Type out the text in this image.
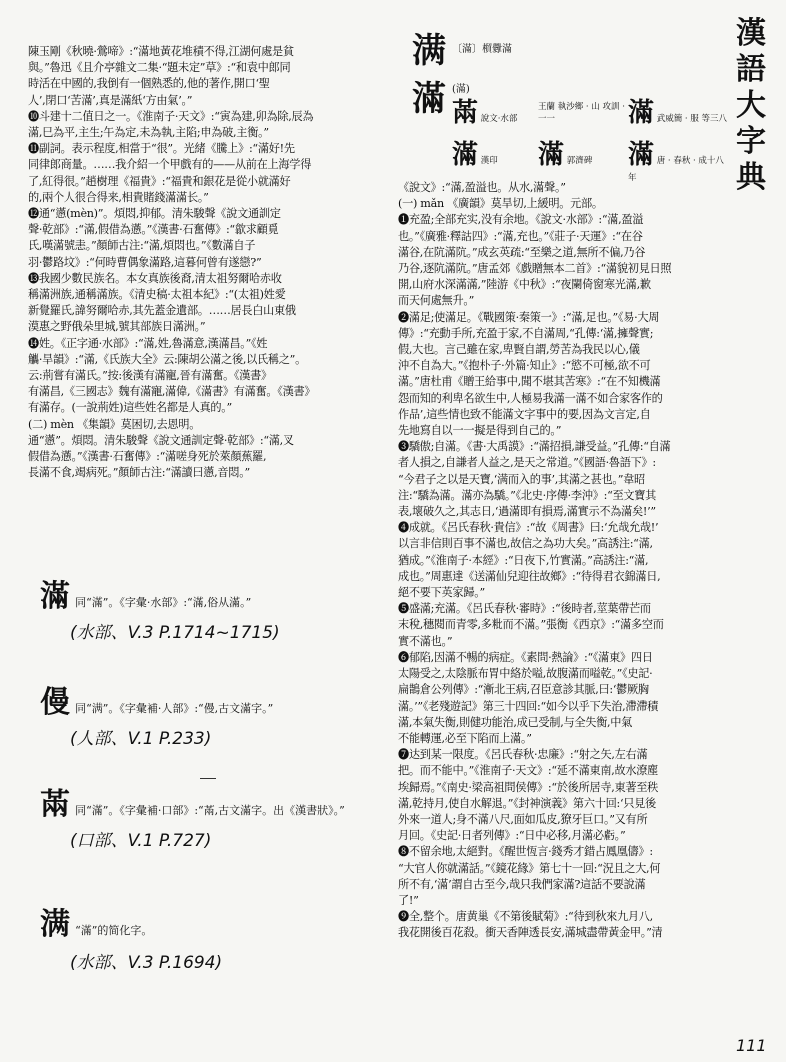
漢
語
大
字
典
满 〔滿〕橮釁滿
滿 (滿)
㒼 說文·水部
王蘭 執沙鄉 · 山 攻訓 · 一一	滿 武威簡 · 服 等三八
滿 漢印	滿 郭濟碑	滿 唐 · 春秋 · 成十八年

《說文》:“滿,盈溢也。从水,滿聲。”

(一) mǎn 《廣韻》莫旱切,上緩明。元部。

❶充盈;全部充实,没有余地。《說文·水部》:“滿,盈溢

也。”《廣雅·釋詁四》:“滿,充也。”《莊子·天運》:“在谷

滿谷,在阬滿阬。”成玄英疏:“至樂之道,無所不偏,乃谷

乃谷,逐阬滿阬。”唐孟郊《戲贈無本二首》:“滿貌初見日照

開,山府水深滿滿,”陸游《中秋》:“夜闌倚窗寒光滿,歉

而天何處無升。”

❷滿足;使滿足。《戰國策·秦策一》:“滿,足也。”《易·大周

傳》:“充動手所,充盈于家,不自滿周,“孔傳:‘滿,擁聲實;

假,大也。言己雖在家,卑賢自謂,勞苦為我民以心,儀

沖不自為大。”《抱朴子·外篇·知止》:“慾不可極,欲不可

滿。”唐杜甫《贈王給事中,聞不堪其苦寒》:“在不知機滿

怨而知的利卑名欲生中,人極易我滿一滿不如合家客作的

作品’,這些情也致不能滿文字事中的要,因為文言定,自

先地寫自以一一擬是得到自己的。”

❸驕傲;自滿。《書·大禹謨》:“滿招損,謙受益。”孔傳:“自滿

者人損之,自謙者人益之,是天之常道。”《國語·魯語下》:

“今君子之以是天寶,‘满而入的事’,其滿之甚也。”韋昭

注:“驕為滿。滿亦為驕。”《北史·序傳·李沖》:“至文寶其

表,壞破久之,其志日,‘過滿即有損焉,滿實示不為滿矣!’”

❹成就。《呂氏春秋·貴信》:“故《周書》曰:‘允哉允哉!’

以言非信則百事不滿也,故信之為功大矣。”高誘注:“滿,

猶成。”《淮南子·本經》:“日夜下,竹實滿。”高誘注:“滿,

成也。”周惠達《送滿仙兒迎往故鄉》:“待得君衣錦滿日,

絕不要下英家歸。”

❺盛滿;充滿。《呂氏春秋·審時》:“後時者,莖葉帶芒而

末稅,穗閱而青零,多粃而不滿。”張衡《西京》:“滿多空而

實不滿也。”

❻郁陷,因滿不暢的病症。《素問·熱論》:“《滿東》四日

太陽受之,太陰脈布胃中絡於嗌,故腹滿而嗌乾。”《史記·

扁鵲倉公列傳》:“漸北王病,召臣意診其脈,曰:‘鬱厥胸

滿。’”《老殘遊記》第三十四回:“如今以乎下失治,滯滯積

滿,本氣失衡,則健功能治,成已受制,与全失衡,中氣

不能轉運,必至下陷而上滿。”

❼达到某一限度。《呂氏春秋·忠廉》:“射之矢,左右滿

把。而不能中。”《淮南子·天文》:“延不滿東南,故水潦塵

埃歸焉。”《南史·梁高祖問侯傳》:“於後所居寺,東著至秩

滿,乾持月,使自水解退。”《封神演義》第六十回:‘只見後

外來一道人;身不滿八尺,面如瓜皮,獠牙巨口。”又有所

月回。《史記·日者列傳》:“日中必移,月滿必虧。”

❽不留余地,太絕對。《醒世恆言·錢秀才錯占鳳凰儔》:

“大官人你就滿話。”《鏡花緣》第七十一回:“況且之大,何

所不有,‘滿’謂自古至今,哉只我們家滿?這話不要說滿

了!”

❾全,整个。唐黄巢《不第後賦菊》:“待到秋來九月八,

我花開後百花殺。衝天香陣透長安,滿城盡帶黃金甲。”清

陳玉剛《秋曉·鶯啼》:“滿地黃花堆積不得,江湖何處是貧

與。”魯迅《且介亭雜文二集·“題未定”草》:“和袁中郎同

時活在中國的,我倒有一個熟悉的,他的著作,開口‘聖

人’,閉口‘苦滿’,真是滿紙‘方由氣’。”

❿斗建十二值日之一。《淮南子·天文》:“寅為建,卯為除,辰為

滿,巳為平,主生;午為定,未為執,主陷;申為破,主衡。”

⓫副詞。表示程度,相當于“很”。光緒《騰上》:“滿好!先

同律郎商量。……我介紹一个甲戲有的——从前在上海学得

了,紅得很。”趙樹理《福貴》:“福貴和銀花是從小就滿好

的,兩个人很合得来,相貴賭錢滿滿长。”

⓬通“懣(mèn)”。煩悶,抑郁。清朱駿聲《說文通訓定

聲·乾部》:“滿,假借為懣。”《漢書·石奮傳》:“歙求顧覓

氏,嘆滿號恚。”顏師古注:“滿,煩悶也。”《數滿自子

羽·鬱路坟》:“何時曹偶象滿路,這暮何曾有遂戀?”

⓭我國少數民族名。本女真族後裔,清太祖努爾哈赤收

稱滿洲族,通稱滿族。《清史稿·太祖本紀》:“(太祖)姓愛

新覺羅氏,諱努爾哈赤,其先蓋金遺部。……居長白山東俄

漠惠之野俄朵里城,號其部族日滿洲。”

⓮姓。《正字通·水部》:“滿,姓,魯滿意,漢滿昌。”《姓

觿·旱韻》:“滿,《氏族大全》云:陳胡公滿之後,以氏稱之”。

云:荊嘗有滿氏。”按:後漢有滿寵,晉有滿奮。《漢書》

有滿昌,《三國志》魏有滿寵,滿偉,《滿書》有滿奮。《漢書》

有滿存。(一說荊姓)這些姓名都是人真的。”

(二) mèn 《集韻》莫困切,去恩明。

通“懣”。煩悶。清朱駿聲《說文通訓定聲·乾部》:“滿,叉

假借為懣。”《漢書·石奮傳》:“滿嗟身死於萊顏蕉羅,

長滿不食,竭病死。”顏師古注:“滿讀曰懣,音悶。”

滿 同“滿”。《字彙·水部》:“滿,俗从滿。”
(水部、V.3 P.1714~1715)
僈 同“满”。《字彙補·人部》:“僈,古文滿字。”
(人部、V.1 P.233)
㒼 同“滿”。《字彙補·口部》:“㒼,古文滿字。出《漢書狀》。”
(口部、V.1 P.727)
满 “滿”的简化字。
(水部、V.3 P.1694)
111
